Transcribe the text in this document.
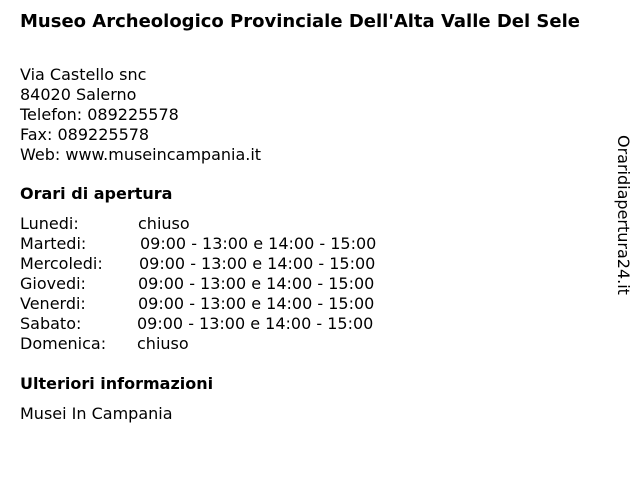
Museo Archeologico Provinciale Dell'Alta Valle Del Sele
Via Castello snc
84020 Salerno
Telefon: 089225578
Fax: 089225578
Web: www.museincampania.it
Orari di apertura
Lunedi:	chiuso
Martedi:	09:00 - 13:00 e 14:00 - 15:00
Mercoledi: 09:00 - 13:00 e 14:00 - 15:00
Giovedi:	09:00 - 13:00 e 14:00 - 15:00
Venerdi:	09:00 - 13:00 e 14:00 - 15:00
Sabato:	09:00 - 13:00 e 14:00 - 15:00
Domenica: chiuso
Ulteriori informazioni
Musei In Campania
Oraridiapertura24.it
